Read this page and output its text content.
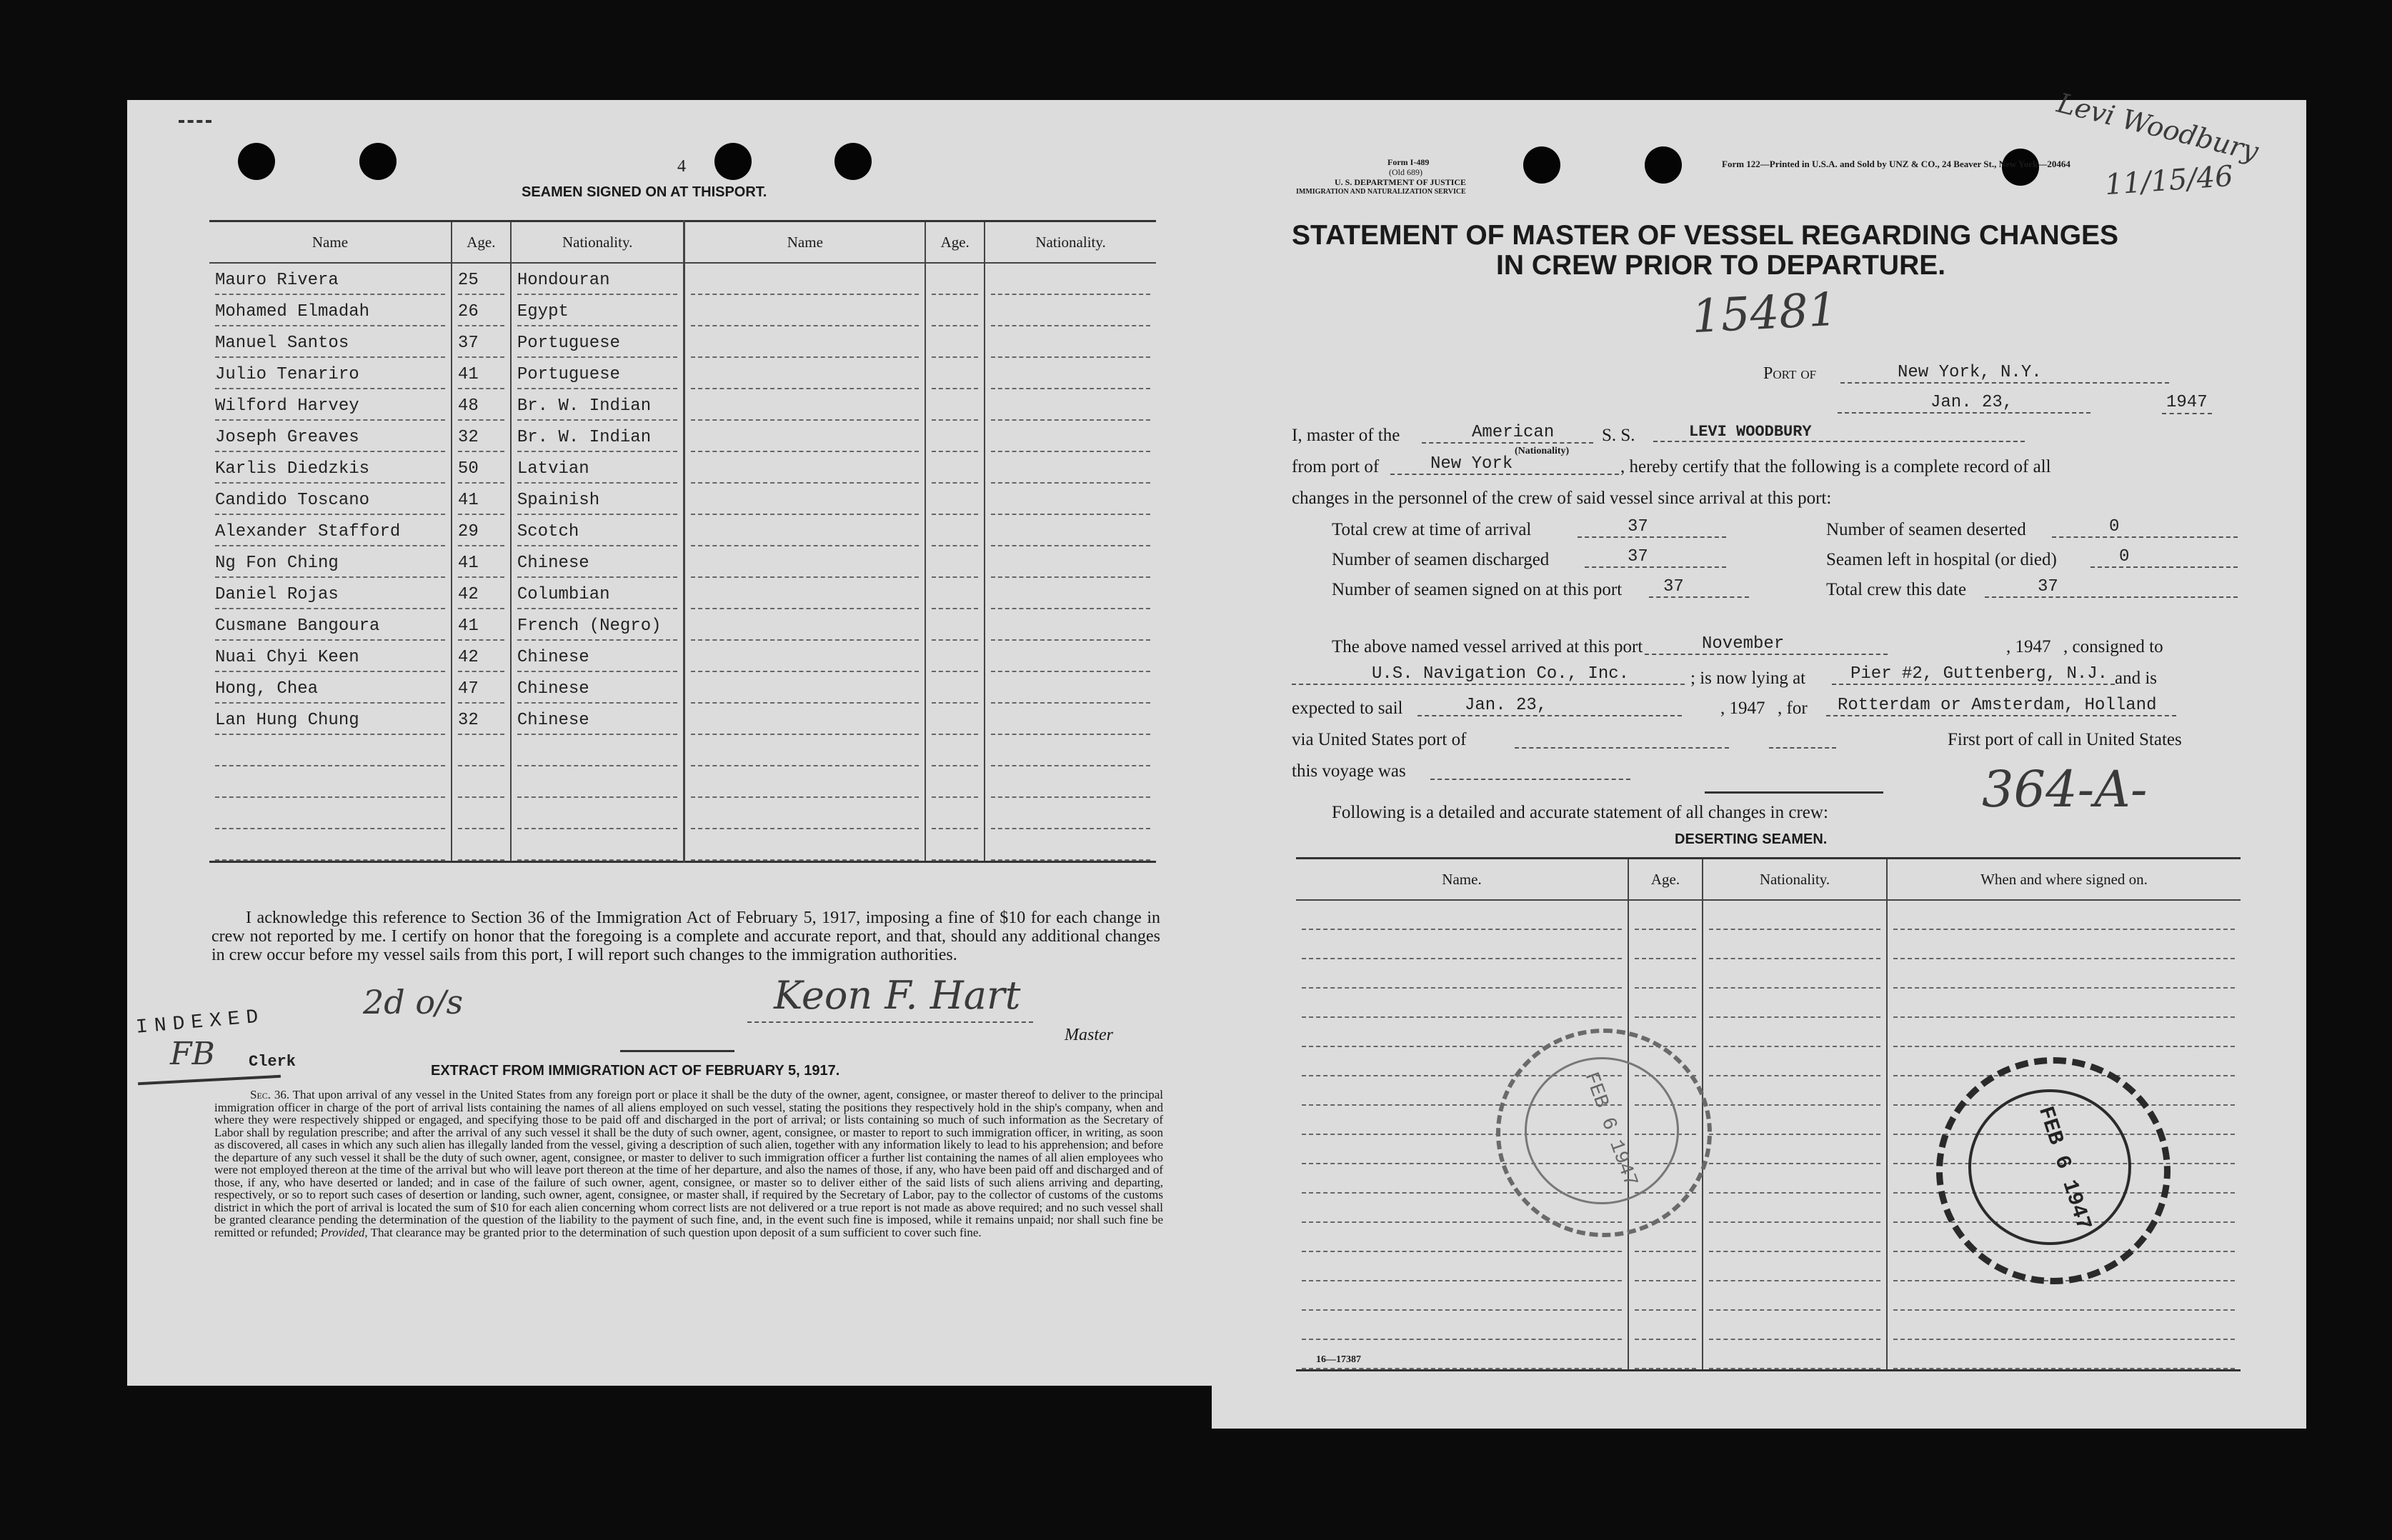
4
SEAMEN SIGNED ON AT THISPORT.
Name	Age.	Nationality.	Name	Age.	Nationality.

Mauro Rivera	25	Hondouran			

Mohamed Elmadah	26	Egypt			

Manuel Santos	37	Portuguese			

Julio Tenariro	41	Portuguese			

Wilford Harvey	48	Br. W. Indian			

Joseph Greaves	32	Br. W. Indian			

Karlis Diedzkis	50	Latvian			

Candido Toscano	41	Spainish			

Alexander Stafford	29	Scotch			

Ng Fon Ching	41	Chinese			

Daniel Rojas	42	Columbian			

Cusmane Bangoura	41	French (Negro)			

Nuai Chyi Keen	42	Chinese			

Hong, Chea	47	Chinese			

Lan Hung Chung	32	Chinese			

I acknowledge this reference to Section 36 of the Immigration Act of February 5, 1917, imposing a fine of $10 for each change in crew not reported by me. I certify on honor that the foregoing is a complete and accurate report, and that, should any additional changes in crew occur before my vessel sails from this port, I will report such changes to the immigration authorities.
Keon F. Hart
Master
INDEXED
FB Clerk
2d o/s
EXTRACT FROM IMMIGRATION ACT OF FEBRUARY 5, 1917.
Sec. 36. That upon arrival of any vessel in the United States from any foreign port or place it shall be the duty of the owner, agent, consignee, or master thereof to deliver to the principal immigration officer in charge of the port of arrival lists containing the names of all aliens employed on such vessel, stating the positions they respectively hold in the ship's company, when and where they were respectively shipped or engaged, and specifying those to be paid off and discharged in the port of arrival; or lists containing so much of such information as the Secretary of Labor shall by regulation prescribe; and after the arrival of any such vessel it shall be the duty of such owner, agent, consignee, or master to report to such immigration officer, in writing, as soon as discovered, all cases in which any such alien has illegally landed from the vessel, giving a description of such alien, together with any information likely to lead to his apprehension; and before the departure of any such vessel it shall be the duty of such owner, agent, consignee, or master to deliver to such immigration officer a further list containing the names of all alien employees who were not employed thereon at the time of the arrival but who will leave port thereon at the time of her departure, and also the names of those, if any, who have been paid off and discharged and of those, if any, who have deserted or landed; and in case of the failure of such owner, agent, consignee, or master so to deliver either of the said lists of such aliens arriving and departing, respectively, or so to report such cases of desertion or landing, such owner, agent, consignee, or master shall, if required by the Secretary of Labor, pay to the collector of customs of the customs district in which the port of arrival is located the sum of $10 for each alien concerning whom correct lists are not delivered or a true report is not made as above required; and no such vessel shall be granted clearance pending the determination of the question of the liability to the payment of such fine, and, in the event such fine is imposed, while it remains unpaid; nor shall such fine be remitted or refunded; Provided, That clearance may be granted prior to the determination of such question upon deposit of a sum sufficient to cover such fine.
Form I-489
(Old 689)
U. S. DEPARTMENT OF JUSTICE
IMMIGRATION AND NATURALIZATION SERVICE
Form 122—Printed in U.S.A. and Sold by UNZ & CO., 24 Beaver St., New York—20464
Levi Woodbury
11/15/46
STATEMENT OF MASTER OF VESSEL REGARDING CHANGES
IN CREW PRIOR TO DEPARTURE.
15481
Port of	New York, N.Y.
Jan. 23,	1947
I, master of the	American
(Nationality)
S. S.	LEVI WOODBURY
from port of	New York	, hereby certify that the following is a complete record of all
changes in the personnel of the crew of said vessel since arrival at this port:
Total crew at time of arrival	37	Number of seamen deserted	0
Number of seamen discharged	37	Seamen left in hospital (or died)	0
Number of seamen signed on at this port	37	Total crew this date	37
The above named vessel arrived at this port	November	, 1947 , consigned to
U.S. Navigation Co., Inc.	; is now lying at	Pier #2, Guttenberg, N.J. and is
expected to sail	Jan. 23,	, 1947 , for	Rotterdam or Amsterdam, Holland
via United States port of	First port of call in United States
this voyage was	364-A-
Following is a detailed and accurate statement of all changes in crew:
DESERTING SEAMEN.
Name.	Age.	Nationality.	When and where signed on.

FEB 6 1947	FEB 6 1947
16—17387
